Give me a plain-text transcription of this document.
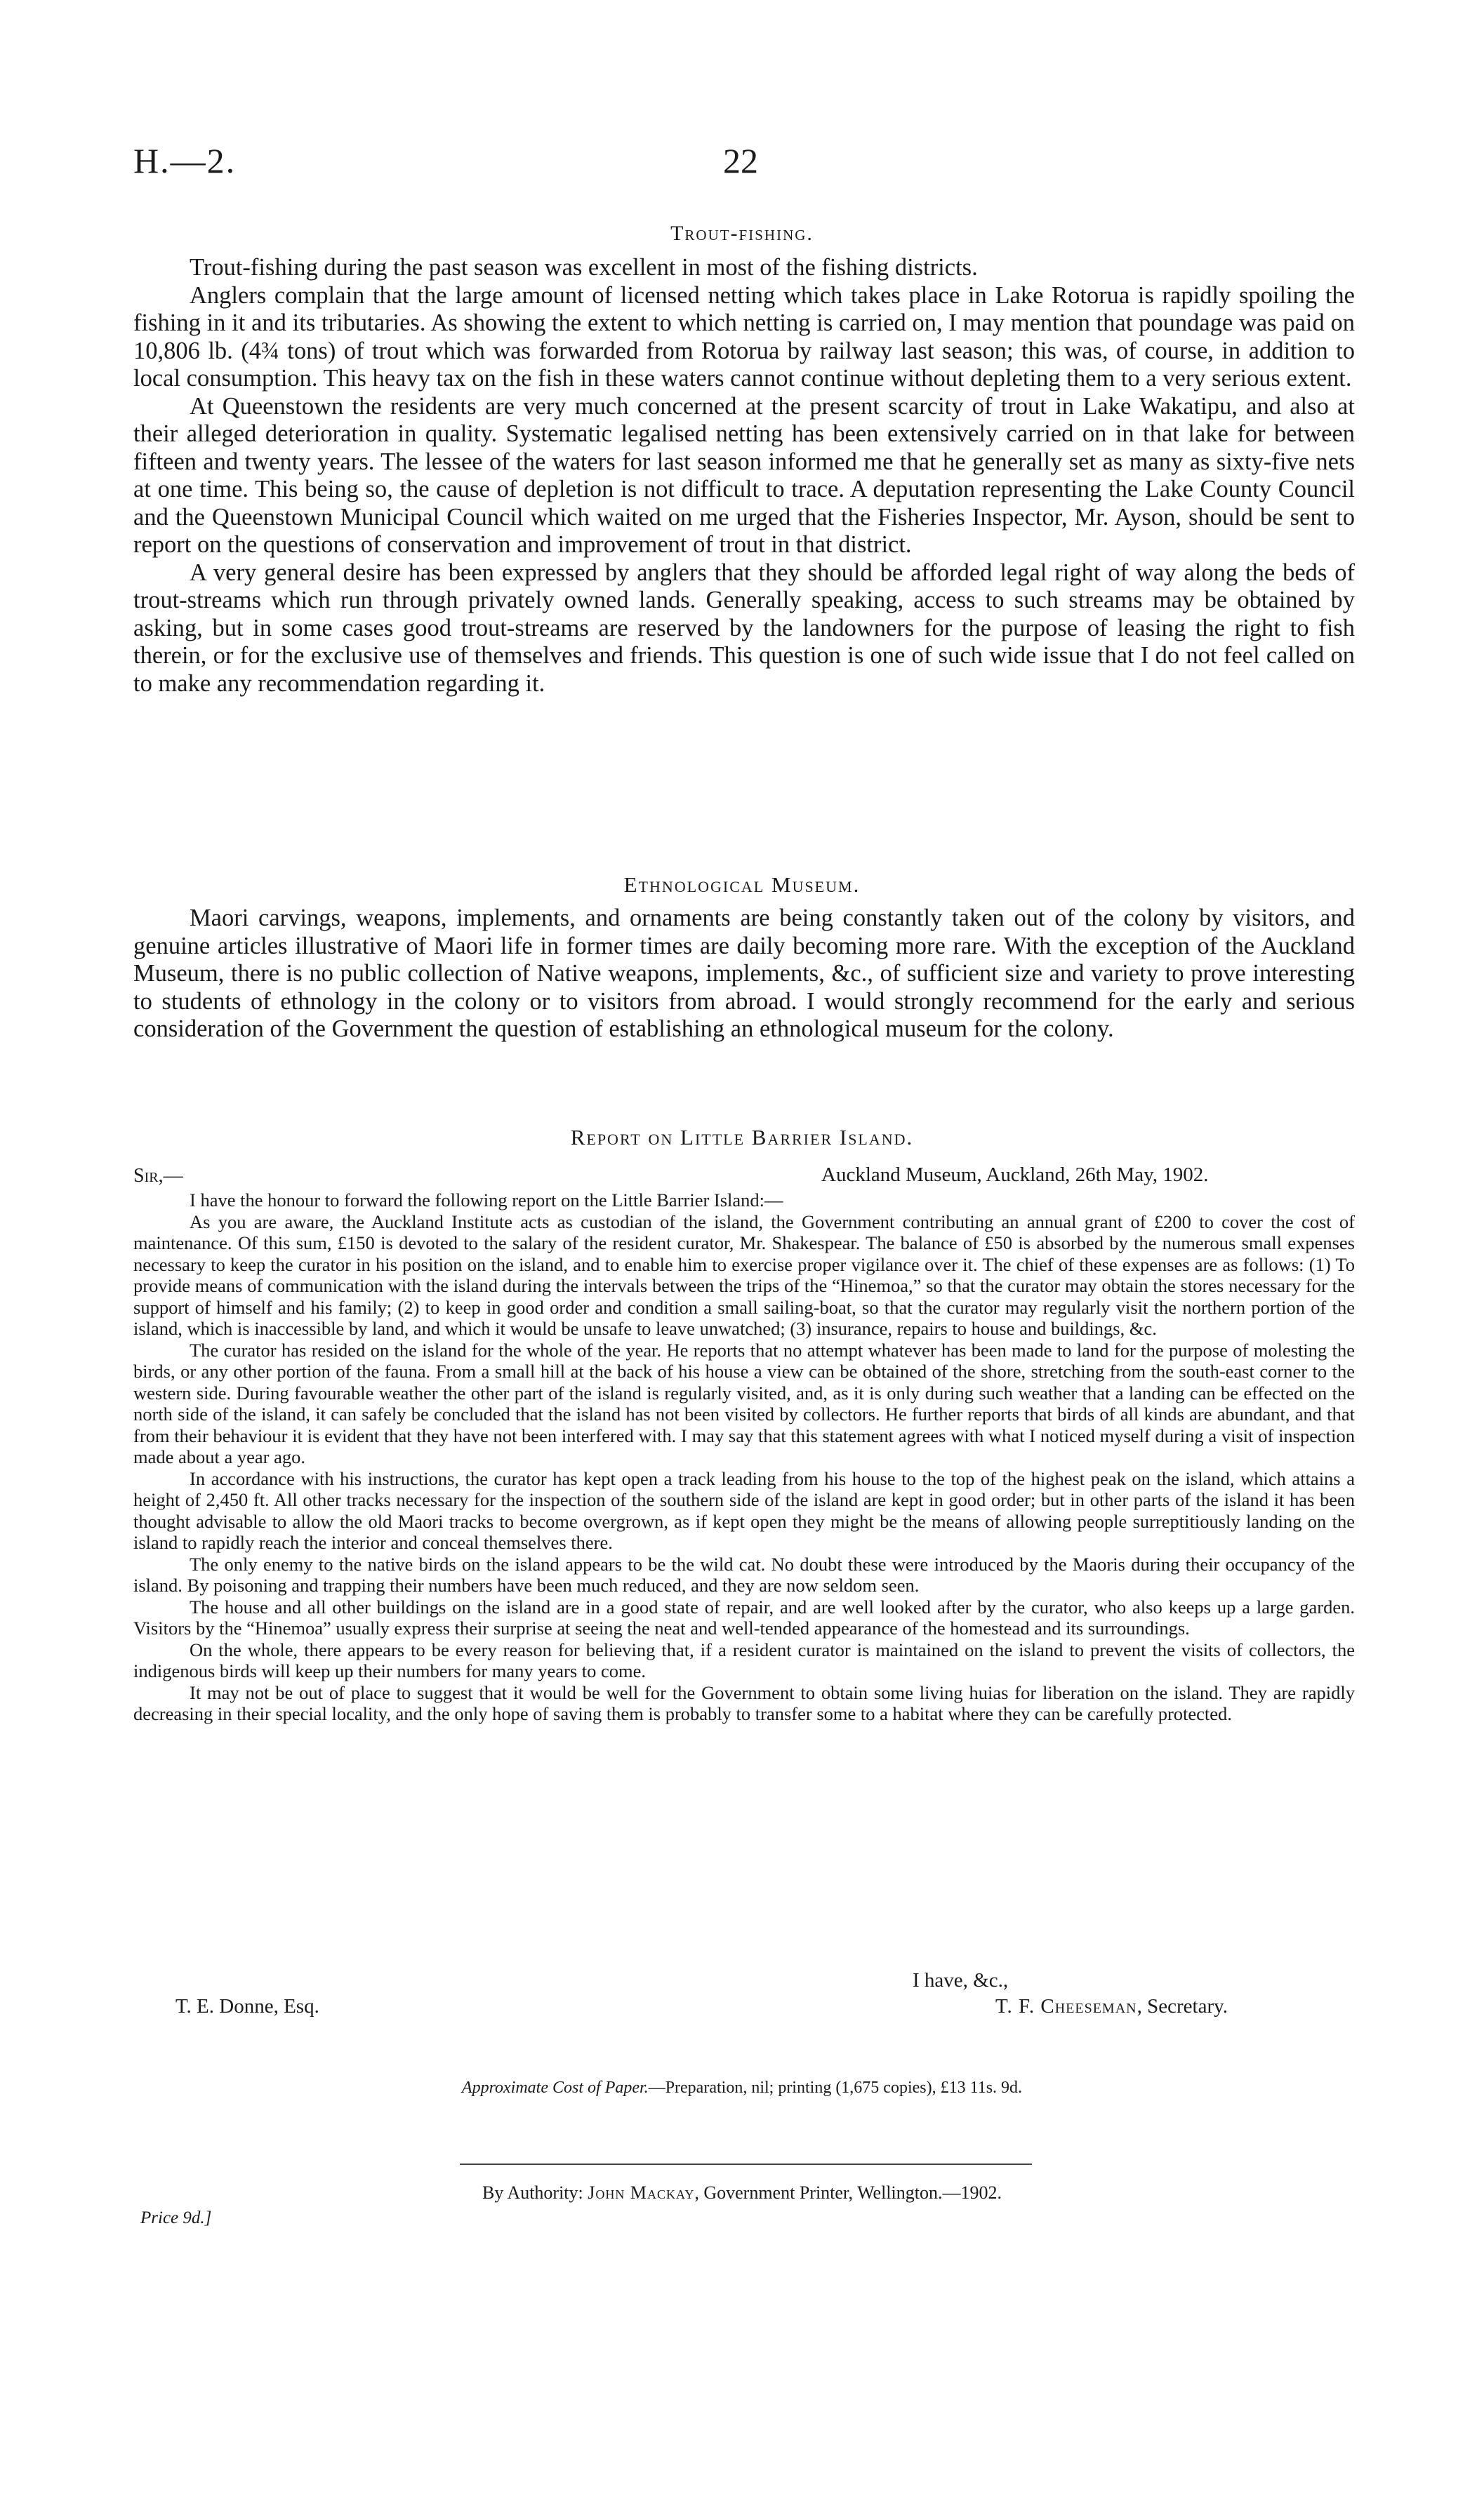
H.—2.	22
Trout-fishing.

Trout-fishing during the past season was excellent in most of the fishing districts.

Anglers complain that the large amount of licensed netting which takes place in Lake Rotorua is rapidly spoiling the fishing in it and its tributaries. As showing the extent to which netting is carried on, I may mention that poundage was paid on 10,806 lb. (4¾ tons) of trout which was forwarded from Rotorua by railway last season; this was, of course, in addition to local consumption. This heavy tax on the fish in these waters cannot continue without depleting them to a very serious extent.

At Queenstown the residents are very much concerned at the present scarcity of trout in Lake Wakatipu, and also at their alleged deterioration in quality. Systematic legalised netting has been extensively carried on in that lake for between fifteen and twenty years. The lessee of the waters for last season informed me that he generally set as many as sixty-five nets at one time. This being so, the cause of depletion is not difficult to trace. A deputation representing the Lake County Council and the Queenstown Municipal Council which waited on me urged that the Fisheries Inspector, Mr. Ayson, should be sent to report on the questions of conservation and improvement of trout in that district.

A very general desire has been expressed by anglers that they should be afforded legal right of way along the beds of trout-streams which run through privately owned lands. Generally speaking, access to such streams may be obtained by asking, but in some cases good trout-streams are reserved by the landowners for the purpose of leasing the right to fish therein, or for the exclusive use of themselves and friends. This question is one of such wide issue that I do not feel called on to make any recommendation regarding it.

Ethnological Museum.

Maori carvings, weapons, implements, and ornaments are being constantly taken out of the colony by visitors, and genuine articles illustrative of Maori life in former times are daily becoming more rare. With the exception of the Auckland Museum, there is no public collection of Native weapons, implements, &c., of sufficient size and variety to prove interesting to students of ethnology in the colony or to visitors from abroad. I would strongly recommend for the early and serious consideration of the Government the question of establishing an ethnological museum for the colony.

Report on Little Barrier Island.
Sir,—	Auckland Museum, Auckland, 26th May, 1902.

I have the honour to forward the following report on the Little Barrier Island:—

As you are aware, the Auckland Institute acts as custodian of the island, the Government contributing an annual grant of £200 to cover the cost of maintenance. Of this sum, £150 is devoted to the salary of the resident curator, Mr. Shakespear. The balance of £50 is absorbed by the numerous small expenses necessary to keep the curator in his position on the island, and to enable him to exercise proper vigilance over it. The chief of these expenses are as follows: (1) To provide means of communication with the island during the intervals between the trips of the “Hinemoa,” so that the curator may obtain the stores necessary for the support of himself and his family; (2) to keep in good order and condition a small sailing-boat, so that the curator may regularly visit the northern portion of the island, which is inaccessible by land, and which it would be unsafe to leave unwatched; (3) insurance, repairs to house and buildings, &c.

The curator has resided on the island for the whole of the year. He reports that no attempt whatever has been made to land for the purpose of molesting the birds, or any other portion of the fauna. From a small hill at the back of his house a view can be obtained of the shore, stretching from the south-east corner to the western side. During favourable weather the other part of the island is regularly visited, and, as it is only during such weather that a landing can be effected on the north side of the island, it can safely be concluded that the island has not been visited by collectors. He further reports that birds of all kinds are abundant, and that from their behaviour it is evident that they have not been interfered with. I may say that this statement agrees with what I noticed myself during a visit of inspection made about a year ago.

In accordance with his instructions, the curator has kept open a track leading from his house to the top of the highest peak on the island, which attains a height of 2,450 ft. All other tracks necessary for the inspection of the southern side of the island are kept in good order; but in other parts of the island it has been thought advisable to allow the old Maori tracks to become overgrown, as if kept open they might be the means of allowing people surreptitiously landing on the island to rapidly reach the interior and conceal themselves there.

The only enemy to the native birds on the island appears to be the wild cat. No doubt these were introduced by the Maoris during their occupancy of the island. By poisoning and trapping their numbers have been much reduced, and they are now seldom seen.

The house and all other buildings on the island are in a good state of repair, and are well looked after by the curator, who also keeps up a large garden. Visitors by the “Hinemoa” usually express their surprise at seeing the neat and well-tended appearance of the homestead and its surroundings.

On the whole, there appears to be every reason for believing that, if a resident curator is maintained on the island to prevent the visits of collectors, the indigenous birds will keep up their numbers for many years to come.

It may not be out of place to suggest that it would be well for the Government to obtain some living huias for liberation on the island. They are rapidly decreasing in their special locality, and the only hope of saving them is probably to transfer some to a habitat where they can be carefully protected.

I have, &c.,
T. E. Donne, Esq.	T. F. Cheeseman, Secretary.
Approximate Cost of Paper.—Preparation, nil; printing (1,675 copies), £13 11s. 9d.
By Authority: John Mackay, Government Printer, Wellington.—1902.
Price 9d.]
